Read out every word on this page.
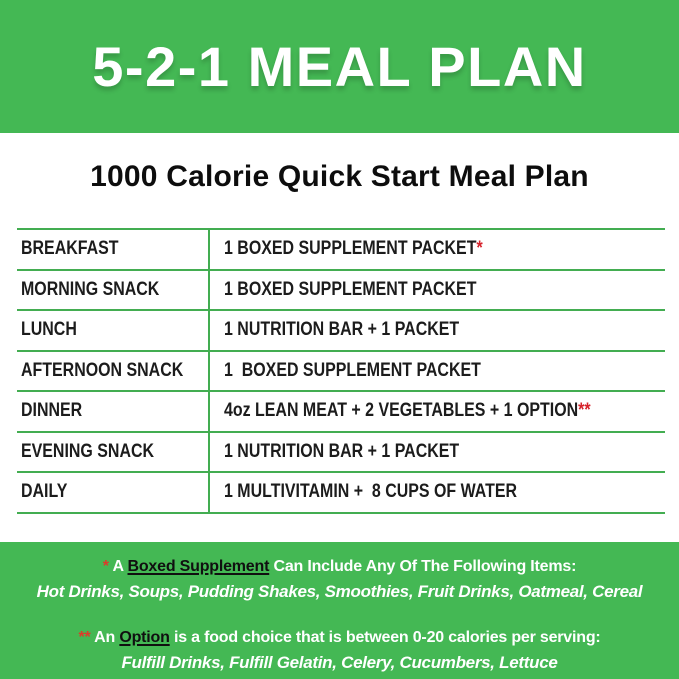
5-2-1 MEAL PLAN
1000 Calorie Quick Start Meal Plan
BREAKFAST	1 BOXED SUPPLEMENT PACKET*
MORNING SNACK	1 BOXED SUPPLEMENT PACKET
LUNCH	1 NUTRITION BAR + 1 PACKET
AFTERNOON SNACK 1  BOXED SUPPLEMENT PACKET
DINNER	4oz LEAN MEAT + 2 VEGETABLES + 1 OPTION**
EVENING SNACK	1 NUTRITION BAR + 1 PACKET
DAILY	1 MULTIVITAMIN +  8 CUPS OF WATER

* A Boxed Supplement Can Include Any Of The Following Items:

Hot Drinks, Soups, Pudding Shakes, Smoothies, Fruit Drinks, Oatmeal, Cereal

** An Option is a food choice that is between 0-20 calories per serving:

Fulfill Drinks, Fulfill Gelatin, Celery, Cucumbers, Lettuce
